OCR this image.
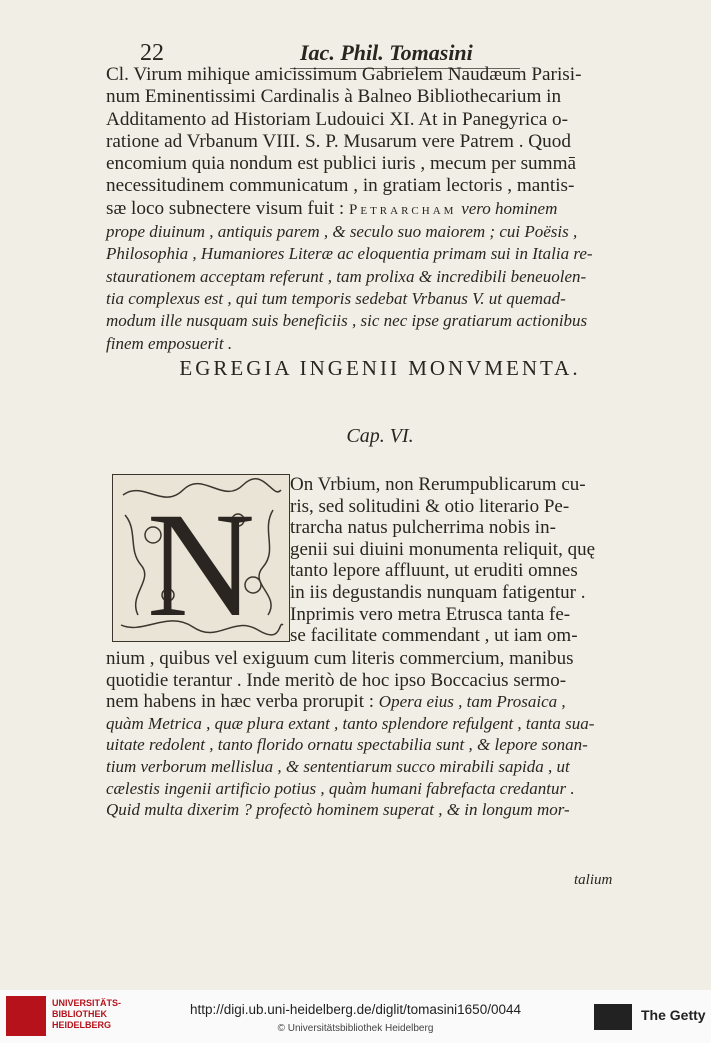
22	Iac. Phil. Tomasini
Cl. Virum mihique amicissimum Gabrielem Naudæum Parisi-
num Eminentissimi Cardinalis à Balneo Bibliothecarium in
Additamento ad Historiam Ludouici XI. At in Panegyrica o-
ratione ad Vrbanum VIII. S. P. Musarum vere Patrem . Quod
encomium quia nondum est publici iuris , mecum per summā
necessitudinem communicatum , in gratiam lectoris , mantis-
sæ loco subnectere visum fuit : Petrarcham vero hominem
prope diuinum , antiquis parem , & seculo suo maiorem ; cui Poësis ,
Philosophia , Humaniores Literæ ac eloquentia primam sui in Italia re-
staurationem acceptam referunt , tam prolixa & incredibili beneuolen-
tia complexus est , qui tum temporis sedebat Vrbanus V. ut quemad-
modum ille nusquam suis beneficiis , sic nec ipse gratiarum actionibus
finem emposuerit .
EGREGIA INGENII MONVMENTA.
Cap. VI.
N On Vrbium, non Rerumpublicarum cu-
ris, sed solitudini & otio literario Pe-
trarcha natus pulcherrima nobis in-
genii sui diuini monumenta reliquit, quę
tanto lepore affluunt, ut eruditi omnes
in iis degustandis nunquam fatigentur .
Inprimis vero metra Etrusca tanta fe-
se facilitate commendant , ut iam om-
nium , quibus vel exiguum cum literis commercium, manibus
quotidie terantur . Inde meritò de hoc ipso Boccacius sermo-
nem habens in hæc verba prorupit : Opera eius , tam Prosaica ,
quàm Metrica , quæ plura extant , tanto splendore refulgent , tanta sua-
uitate redolent , tanto florido ornatu spectabilia sunt , & lepore sonan-
tium verborum mellislua , & sententiarum succo mirabili sapida , ut
cælestis ingenii artificio potius , quàm humani fabrefacta credantur .
Quid multa dixerim ? profectò hominem superat , & in longum mor-
talium
UNIVERSITÄTS-BIBLIOTHEK HEIDELBERG
http://digi.ub.uni-heidelberg.de/diglit/tomasini1650/0044
© Universitätsbibliothek Heidelberg
The Getty
